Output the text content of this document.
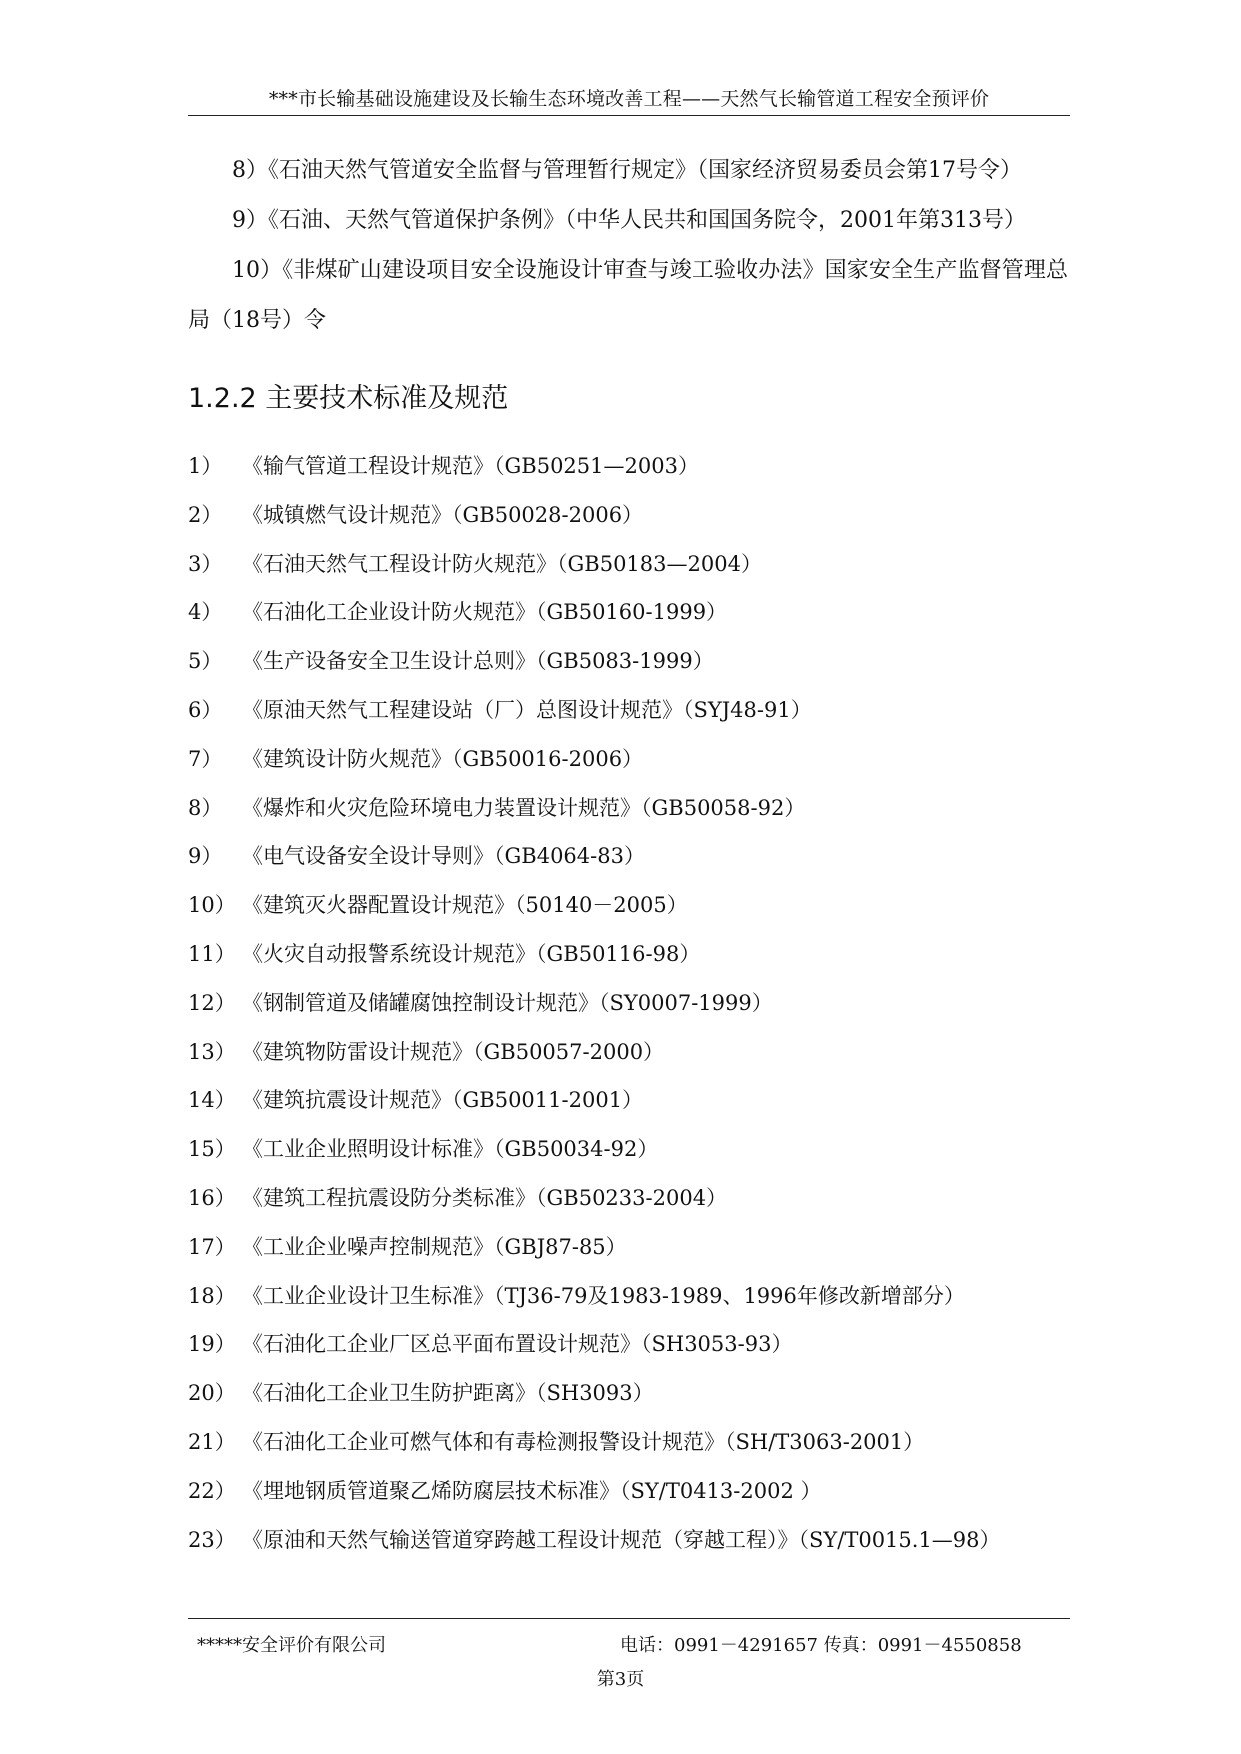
***市长输基础设施建设及长输生态环境改善工程——天然气长输管道工程安全预评价

8）《石油天然气管道安全监督与管理暂行规定》（国家经济贸易委员会第17号令）

9）《石油、天然气管道保护条例》（中华人民共和国国务院令，2001年第313号）

10）《非煤矿山建设项目安全设施设计审查与竣工验收办法》国家安全生产监督管理总局（18号）令

1.2.2 主要技术标准及规范
1） 《输气管道工程设计规范》（GB50251—2003）
2） 《城镇燃气设计规范》（GB50028-2006）
3） 《石油天然气工程设计防火规范》（GB50183—2004）
4） 《石油化工企业设计防火规范》（GB50160-1999）
5） 《生产设备安全卫生设计总则》（GB5083-1999）
6） 《原油天然气工程建设站（厂）总图设计规范》（SYJ48-91）
7） 《建筑设计防火规范》（GB50016-2006）
8） 《爆炸和火灾危险环境电力装置设计规范》（GB50058-92）
9） 《电气设备安全设计导则》（GB4064-83）
10） 《建筑灭火器配置设计规范》（50140－2005）
11） 《火灾自动报警系统设计规范》（GB50116-98）
12） 《钢制管道及储罐腐蚀控制设计规范》（SY0007-1999）
13） 《建筑物防雷设计规范》（GB50057-2000）
14） 《建筑抗震设计规范》（GB50011-2001）
15） 《工业企业照明设计标准》（GB50034-92）
16） 《建筑工程抗震设防分类标准》（GB50233-2004）
17） 《工业企业噪声控制规范》（GBJ87-85）
18） 《工业企业设计卫生标准》（TJ36-79及1983-1989、1996年修改新增部分）
19） 《石油化工企业厂区总平面布置设计规范》（SH3053-93）
20） 《石油化工企业卫生防护距离》（SH3093）
21） 《石油化工企业可燃气体和有毒检测报警设计规范》（SH/T3063-2001）
22） 《埋地钢质管道聚乙烯防腐层技术标准》（SY/T0413-2002 ）
23） 《原油和天然气输送管道穿跨越工程设计规范（穿越工程）》（SY/T0015.1—98）
*****安全评价有限公司	电话：0991－4291657 传真：0991－4550858
第3页
